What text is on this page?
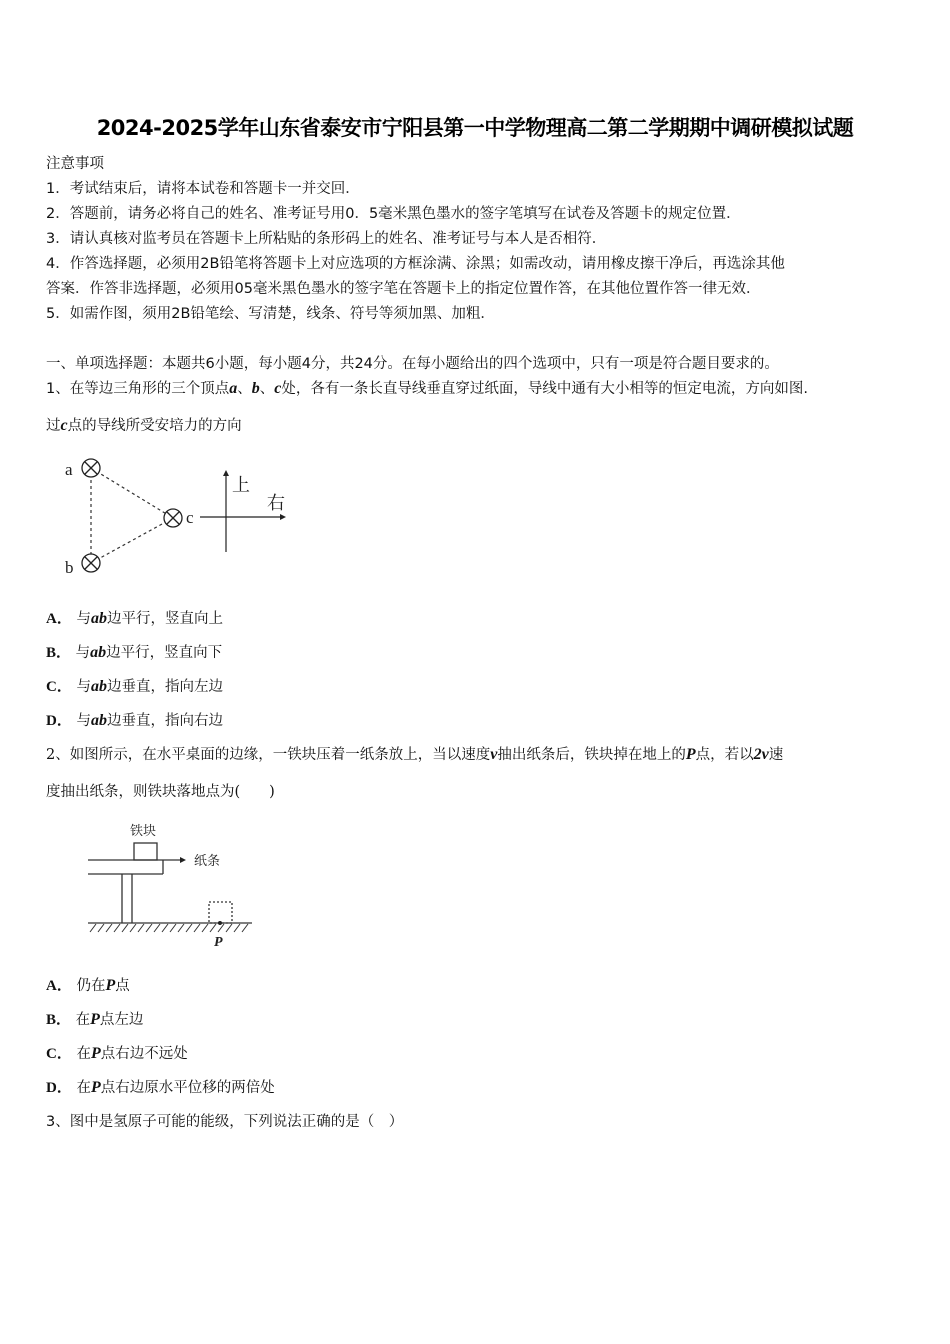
2024-2025学年山东省泰安市宁阳县第一中学物理高二第二学期期中调研模拟试题
注意事项
1．考试结束后，请将本试卷和答题卡一并交回．
2．答题前，请务必将自己的姓名、准考证号用0．5毫米黑色墨水的签字笔填写在试卷及答题卡的规定位置．
3．请认真核对监考员在答题卡上所粘贴的条形码上的姓名、准考证号与本人是否相符．
4．作答选择题，必须用2B铅笔将答题卡上对应选项的方框涂满、涂黑；如需改动，请用橡皮擦干净后，再选涂其他
答案．作答非选择题，必须用05毫米黑色墨水的签字笔在答题卡上的指定位置作答，在其他位置作答一律无效．
5．如需作图，须用2B铅笔绘、写清楚，线条、符号等须加黑、加粗．
一、单项选择题：本题共6小题，每小题4分，共24分。在每小题给出的四个选项中，只有一项是符合题目要求的。
1、在等边三角形的三个顶点a、b、c处，各有一条长直导线垂直穿过纸面，导线中通有大小相等的恒定电流，方向如图.
过c点的导线所受安培力的方向
a
b
c
上
右
A． 与ab边平行，竖直向上
B． 与ab边平行，竖直向下
C． 与ab边垂直，指向左边
D． 与ab边垂直，指向右边
2、如图所示，在水平桌面的边缘，一铁块压着一纸条放上，当以速度v抽出纸条后，铁块掉在地上的P点，若以2v速
度抽出纸条，则铁块落地点为(　　)
铁块
纸条
P
A． 仍在P点
B． 在P点左边
C． 在P点右边不远处
D． 在P点右边原水平位移的两倍处
3、图中是氢原子可能的能级，下列说法正确的是（　）
